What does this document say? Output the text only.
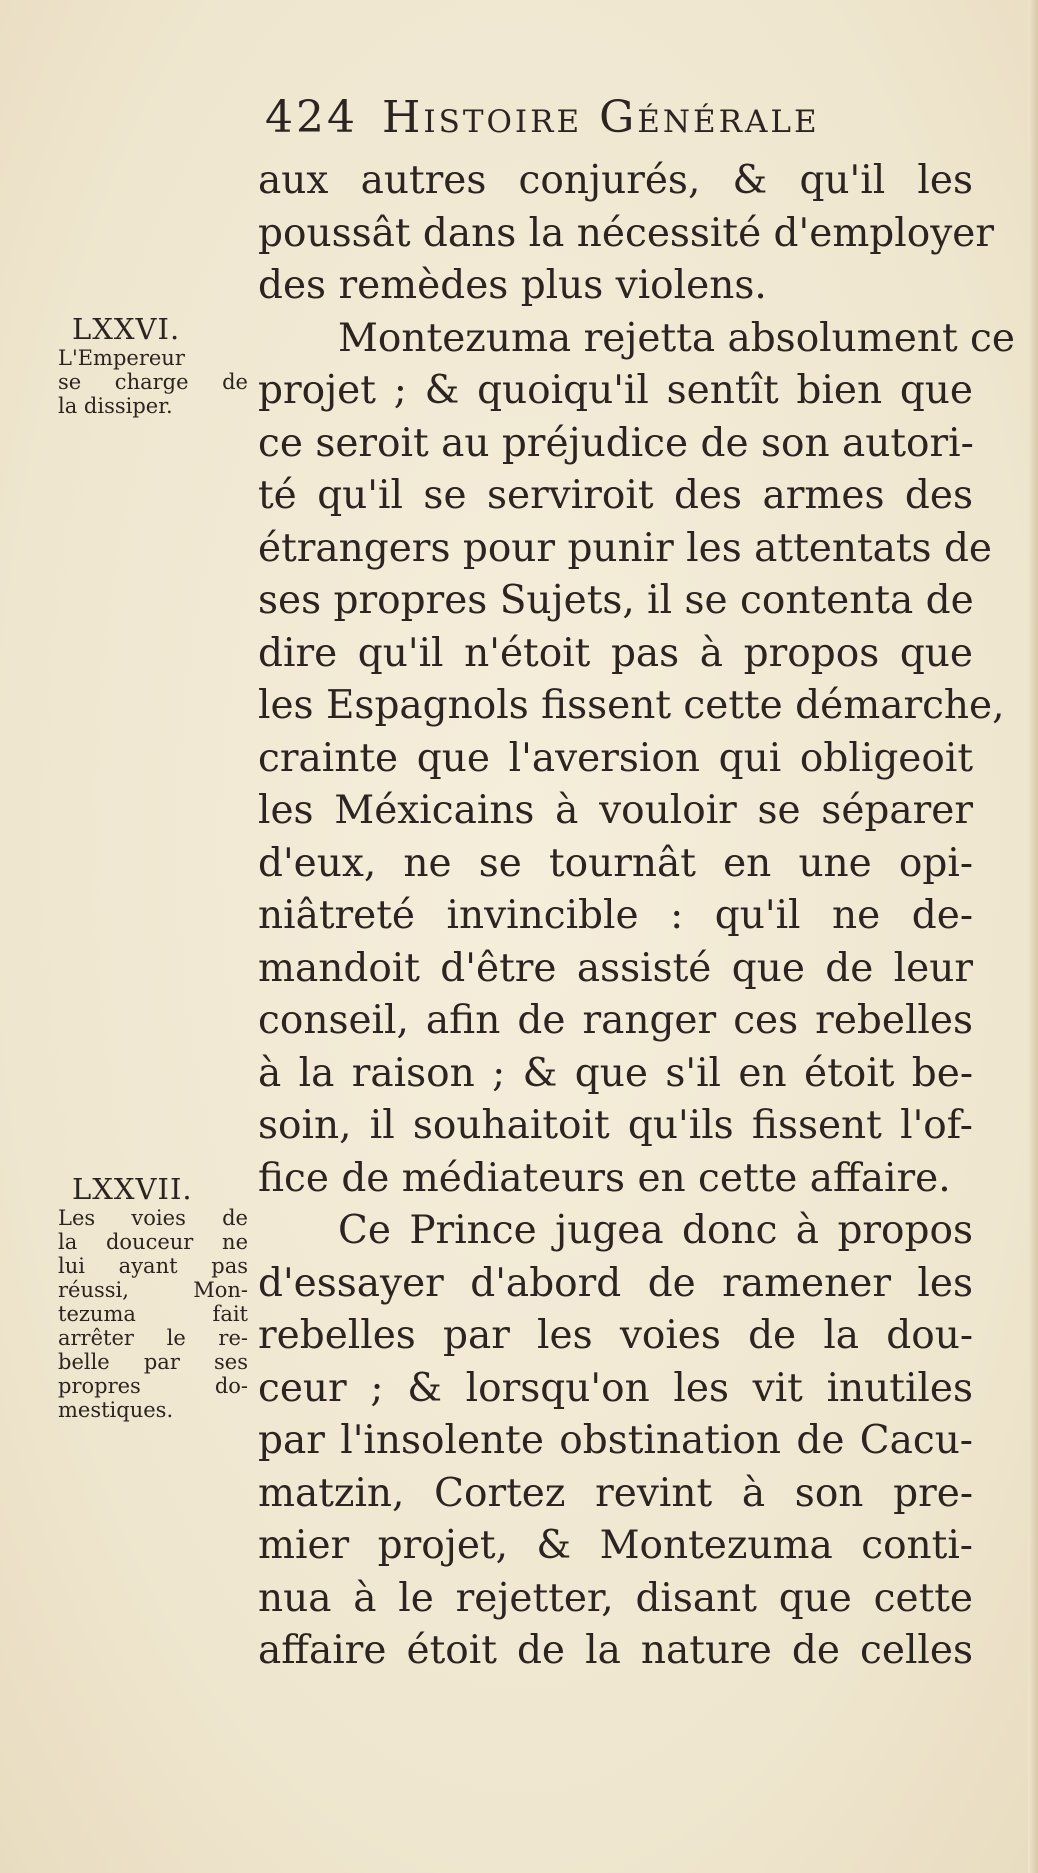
424 Histoire Générale
aux autres conjurés, & qu'il les
poussât dans la nécessité d'employer
des remèdes plus violens.
Montezuma rejetta absolument ce
projet ; & quoiqu'il sentît bien que
ce seroit au préjudice de son autori-
té qu'il se serviroit des armes des
étrangers pour punir les attentats de
ses propres Sujets, il se contenta de
dire qu'il n'étoit pas à propos que
les Espagnols fissent cette démarche,
crainte que l'aversion qui obligeoit
les Méxicains à vouloir se séparer
d'eux, ne se tournât en une opi-
niâtreté invincible : qu'il ne de-
mandoit d'être assisté que de leur
conseil, afin de ranger ces rebelles
à la raison ; & que s'il en étoit be-
soin, il souhaitoit qu'ils fissent l'of-
fice de médiateurs en cette affaire.
Ce Prince jugea donc à propos
d'essayer d'abord de ramener les
rebelles par les voies de la dou-
ceur ; & lorsqu'on les vit inutiles
par l'insolente obstination de Cacu-
matzin, Cortez revint à son pre-
mier projet, & Montezuma conti-
nua à le rejetter, disant que cette
affaire étoit de la nature de celles
LXXVI.
L'Empereur
se charge de
la dissiper.
LXXVII.
Les voies de
la douceur ne
lui ayant pas
réussi, Mon-
tezuma fait
arrêter le re-
belle par ses
propres do-
mestiques.
